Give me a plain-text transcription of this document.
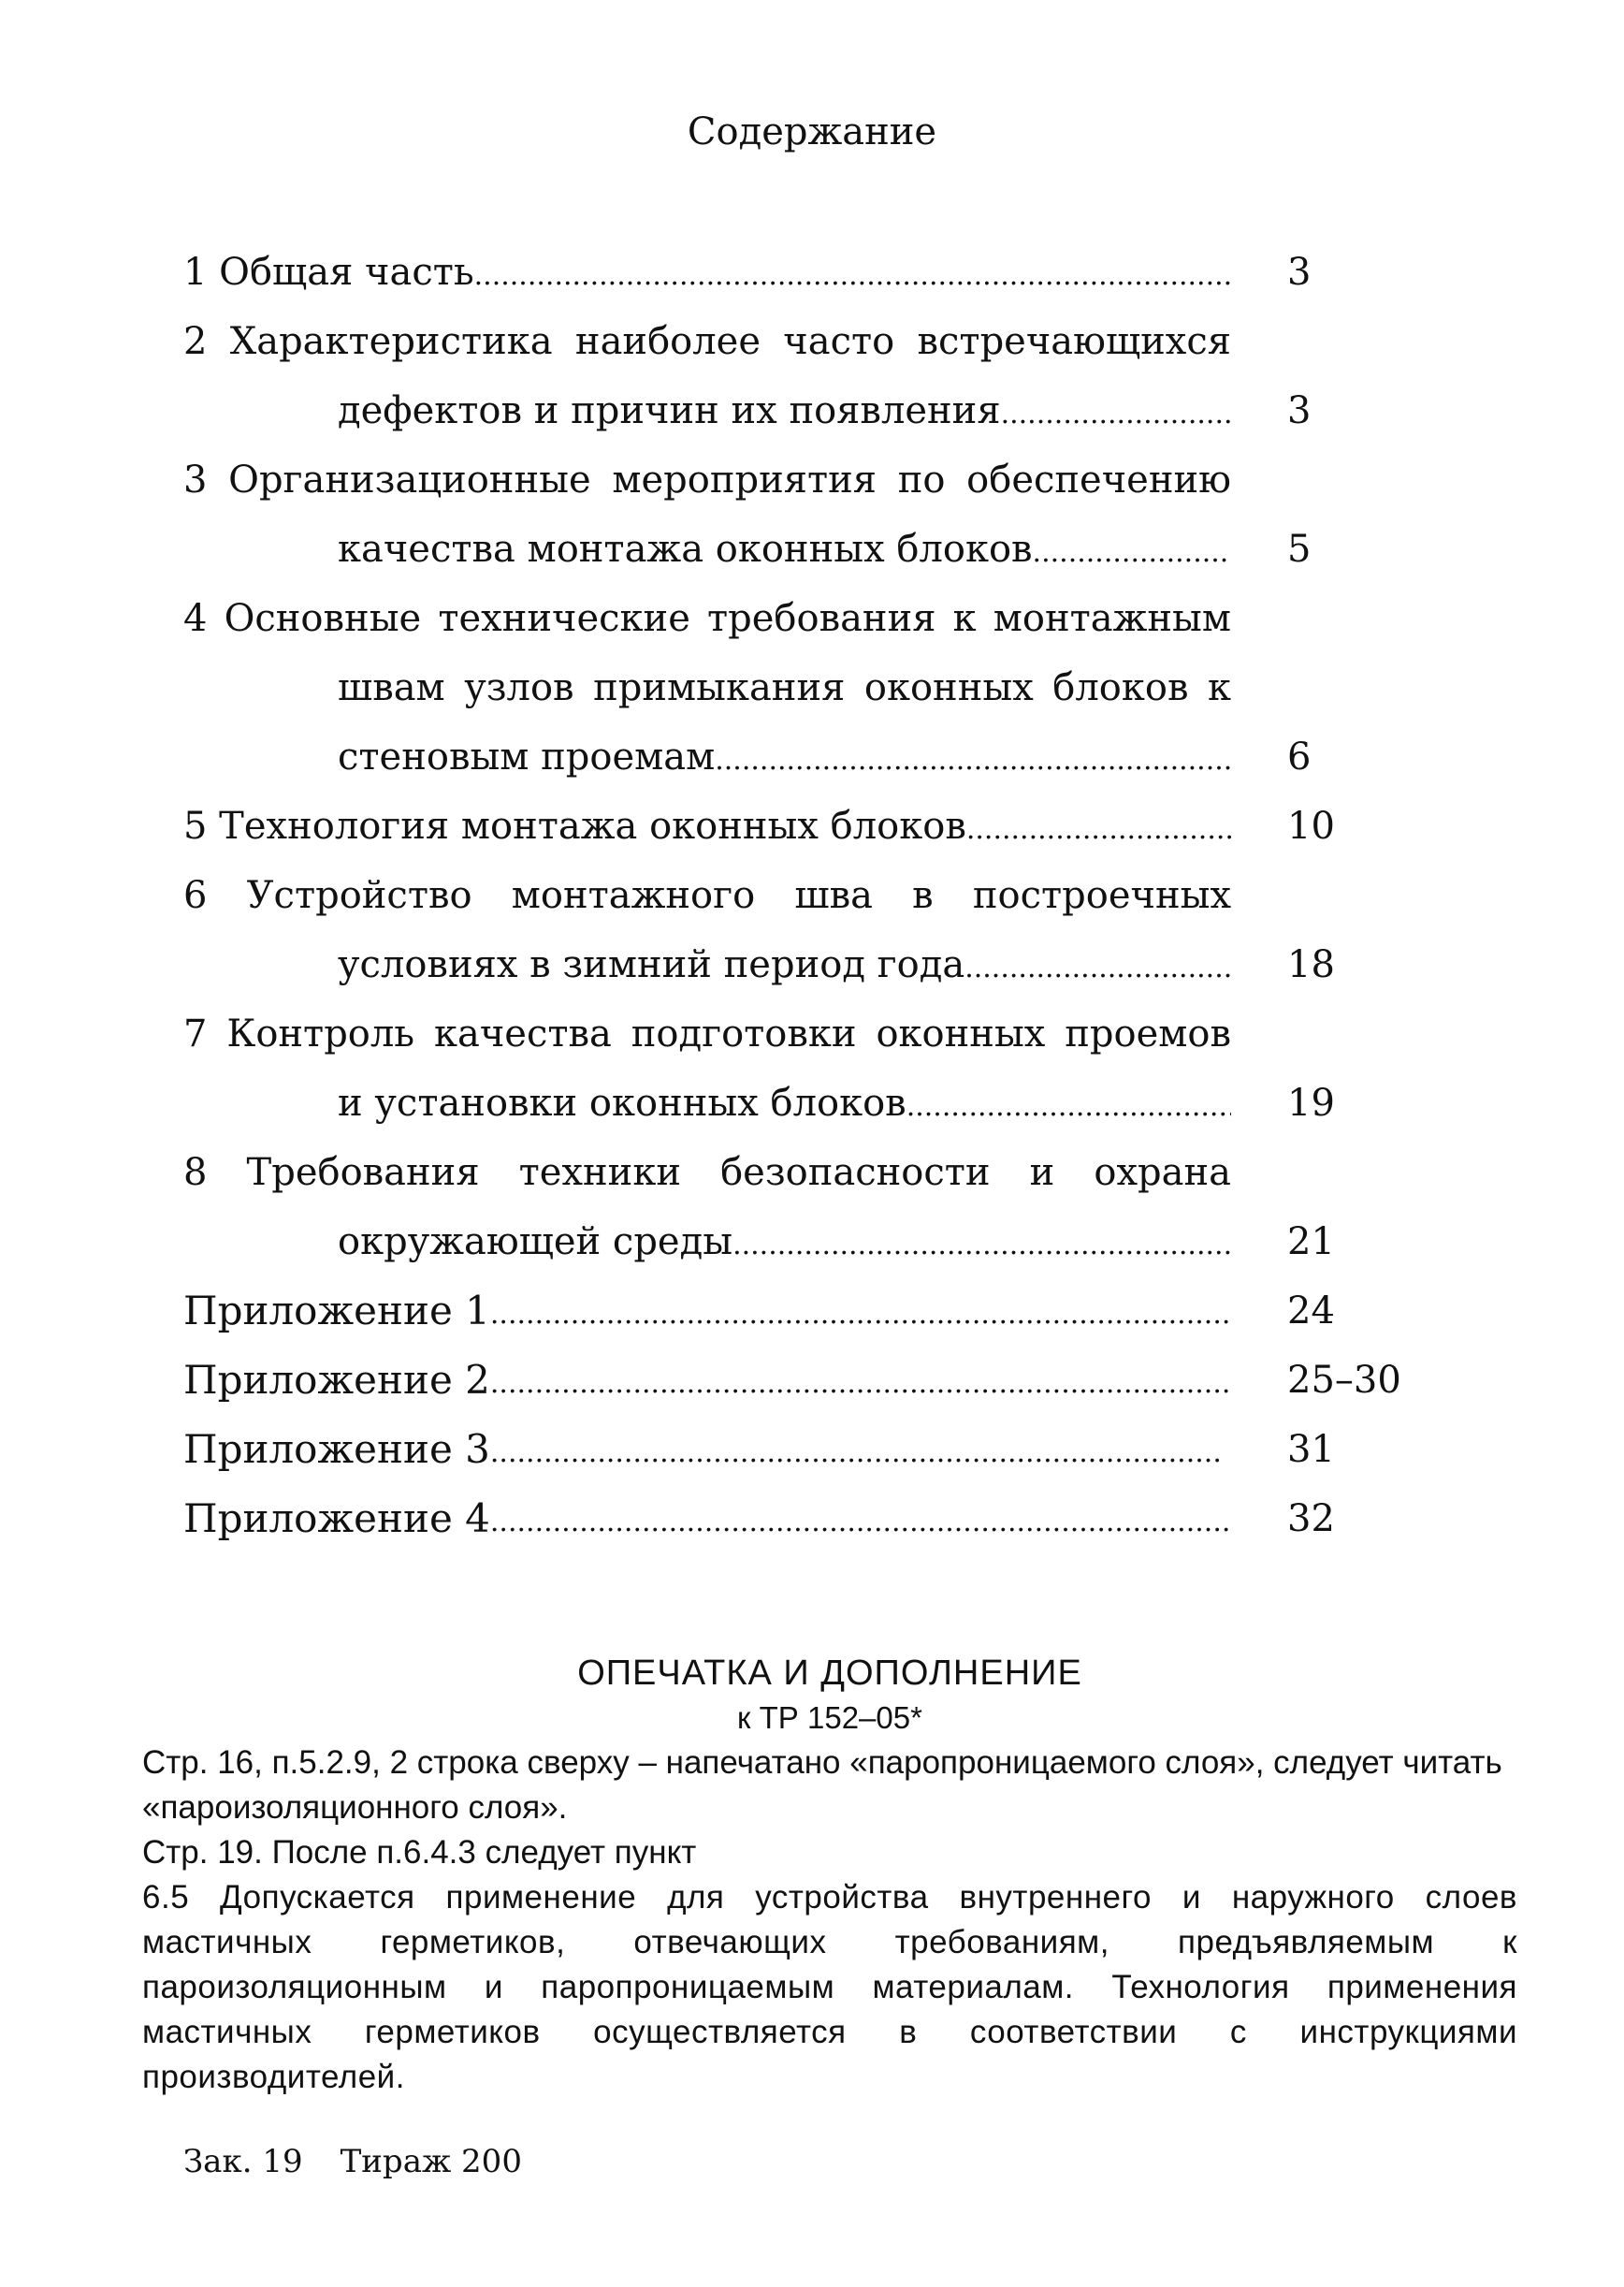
Содержание
1 Общая часть .....	3
2 Характеристика наиболее часто встречающихся
дефектов и причин их появления .....	3
3 Организационные мероприятия по обеспечению
качества монтажа оконных блоков .....	5
4 Основные технические требования к монтажным
швам узлов примыкания оконных блоков к
стеновым проемам .....	6
5 Технология монтажа оконных блоков .....	10
6 Устройство монтажного шва в построечных
условиях в зимний период года .....	18
7 Контроль качества подготовки оконных проемов
и установки оконных блоков .....	19
8 Требования техники безопасности и охрана
окружающей среды .....	21
Приложение 1 .....	24
Приложение 2 .....	25–30
Приложение 3 .....	31
Приложение 4 .....	32
ОПЕЧАТКА И ДОПОЛНЕНИЕ
к ТР 152–05*
Стр. 16, п.5.2.9, 2 строка сверху – напечатано «паропроницаемого слоя», следует читать «пароизоляционного слоя».
Стр. 19. После п.6.4.3 следует пункт
6.5 Допускается применение для устройства внутреннего и наружного слоев мастичных герметиков, отвечающих требованиям, предъявляемым к пароизоляционным и паропроницаемым материалам. Технология применения мастичных герметиков осуществляется в соответствии с инструкциями производителей.
Зак. 19 Тираж 200
